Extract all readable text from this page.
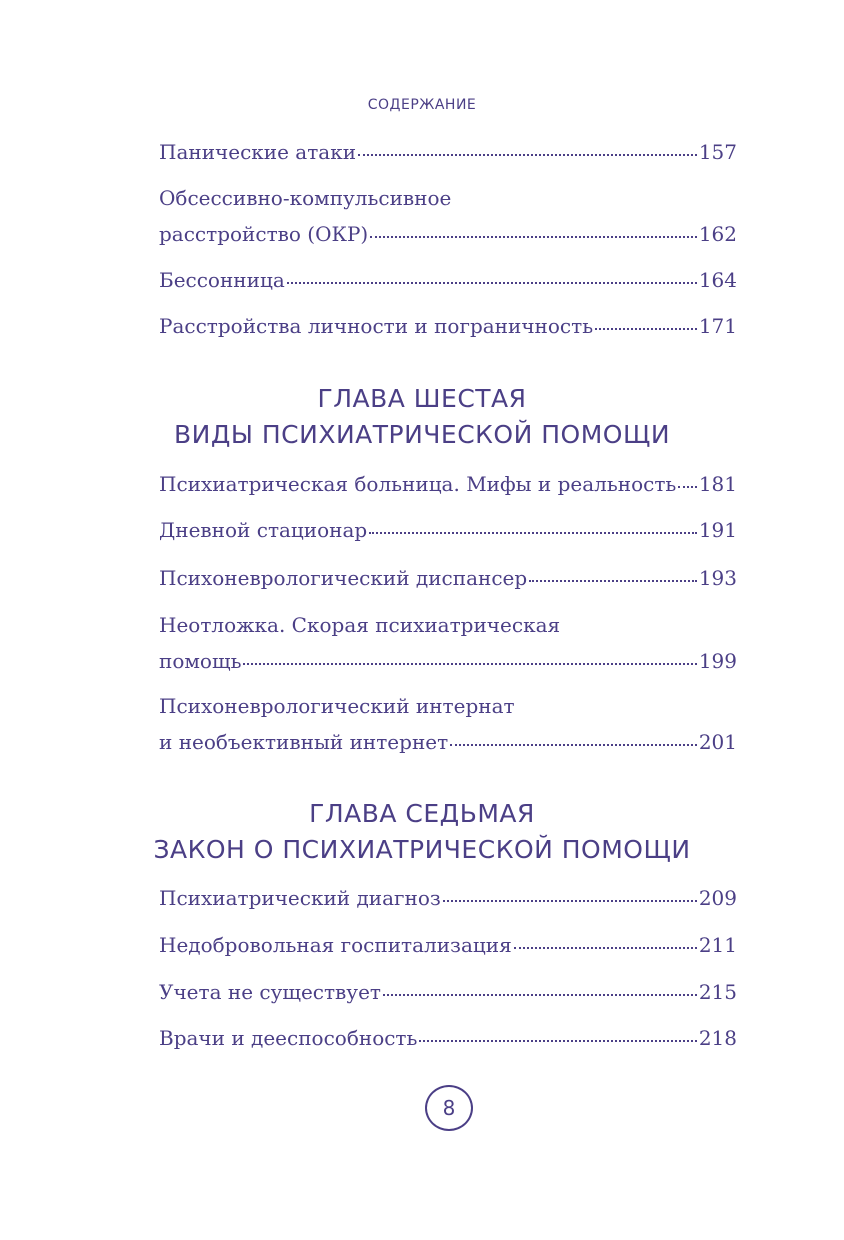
СОДЕРЖАНИЕ
Панические атаки	157
Обсессивно-компульсивное
расстройство (ОКР)	162
Бессонница	164
Расстройства личности и пограничность	171
Психиатрическая больница. Мифы и реальность 181
Дневной стационар	191
Психоневрологический диспансер	193
Неотложка. Скорая психиатрическая
помощь	199
Психоневрологический интернат
и необъективный интернет	201
Психиатрический диагноз	209
Недобровольная госпитализация	211
Учета не существует	215
Врачи и дееспособность	218
ГЛАВА ШЕСТАЯ
ВИДЫ ПСИХИАТРИЧЕСКОЙ ПОМОЩИ
ГЛАВА СЕДЬМАЯ
ЗАКОН О ПСИХИАТРИЧЕСКОЙ ПОМОЩИ
8
